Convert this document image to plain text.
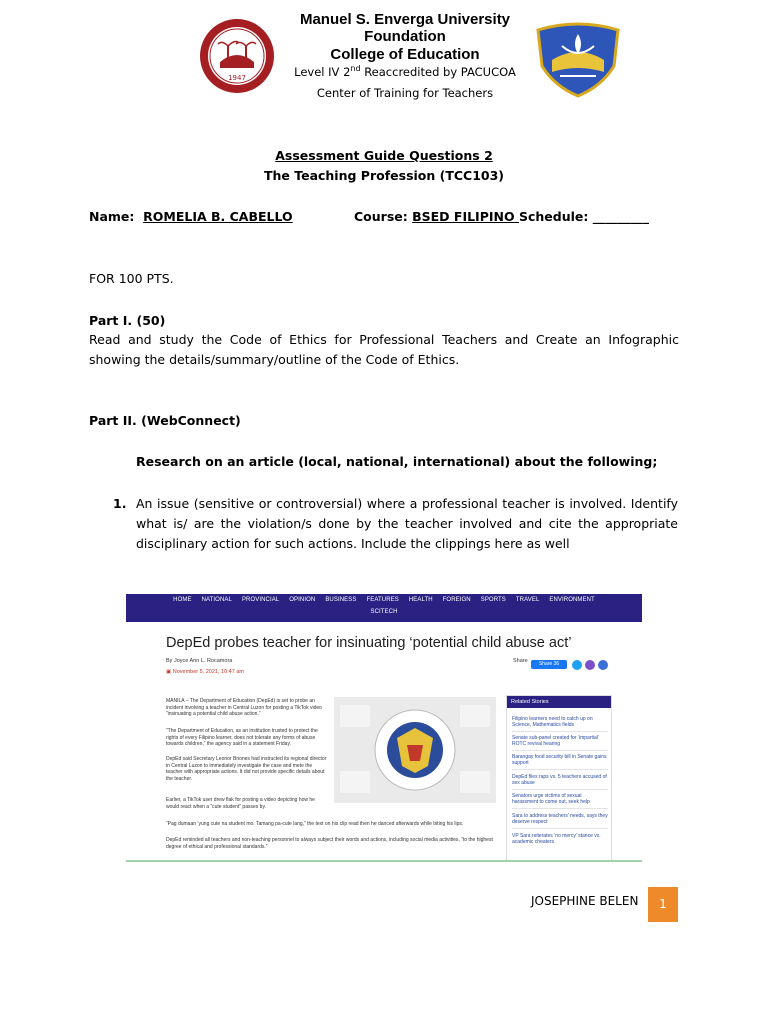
1947
Manuel S. Enverga University
Foundation
College of Education
Level IV 2nd Reaccredited by PACUCOA
Center of Training for Teachers
Assessment Guide Questions 2
The Teaching Profession (TCC103)
Name: ROMELIA B. CABELLO	Course: BSED FILIPINO Schedule: _________
FOR 100 PTS.
Part I. (50)
Read and study the Code of Ethics for Professional Teachers and Create an Infographic showing the details/summary/outline of the Code of Ethics.
Part II. (WebConnect)
Research on an article (local, national, international) about the following;
1. An issue (sensitive or controversial) where a professional teacher is involved. Identify what is/ are the violation/s done by the teacher involved and cite the appropriate disciplinary action for such actions. Include the clippings here as well
HOME NATIONAL PROVINCIAL OPINION BUSINESS FEATURES HEALTH FOREIGN SPORTS TRAVEL ENVIRONMENT
SCITECH
DepEd probes teacher for insinuating ‘potential child abuse act’
By Joyce Ann L. Rocamora
▣ November 5, 2021, 10:47 am
Share	Share 36
MANILA – The Department of Education (DepEd) is set to probe an incident involving a teacher in Central Luzon for posting a TikTok video “insinuating a potential child abuse action.”
“The Department of Education, as an institution trusted to protect the rights of every Filipino learner, does not tolerate any forms of abuse towards children,” the agency said in a statement Friday.
DepEd said Secretary Leonor Briones had instructed its regional director in Central Luzon to immediately investigate the case and mete the teacher with appropriate actions. It did not provide specific details about the teacher.
Earlier, a TikTok user drew flak for posting a video depicting how he would react when a “cute student” passes by.
“Pag dumaan ‘yung cute na student mo. Tamang pa-cute lang,” the text on his clip read then he danced afterwards while biting his lips.
DepEd reminded all teachers and non-teaching personnel to always subject their words and actions, including social media activities, “to the highest degree of ethical and professional standards.”
Related Stories
Filipino learners need to catch up on Science, Mathematics fields
Senate sub-panel created for ‘impartial’ ROTC revival hearing
Barangay food security bill in Senate gains support
DepEd files raps vs. 5 teachers accused of sex abuse
Senators urge victims of sexual harassment to come out, seek help
Sara to address teachers’ needs, says they deserve respect
VP Sara reiterates ‘no mercy’ stance vs. academic cheaters
JOSEPHINE BELEN	1
